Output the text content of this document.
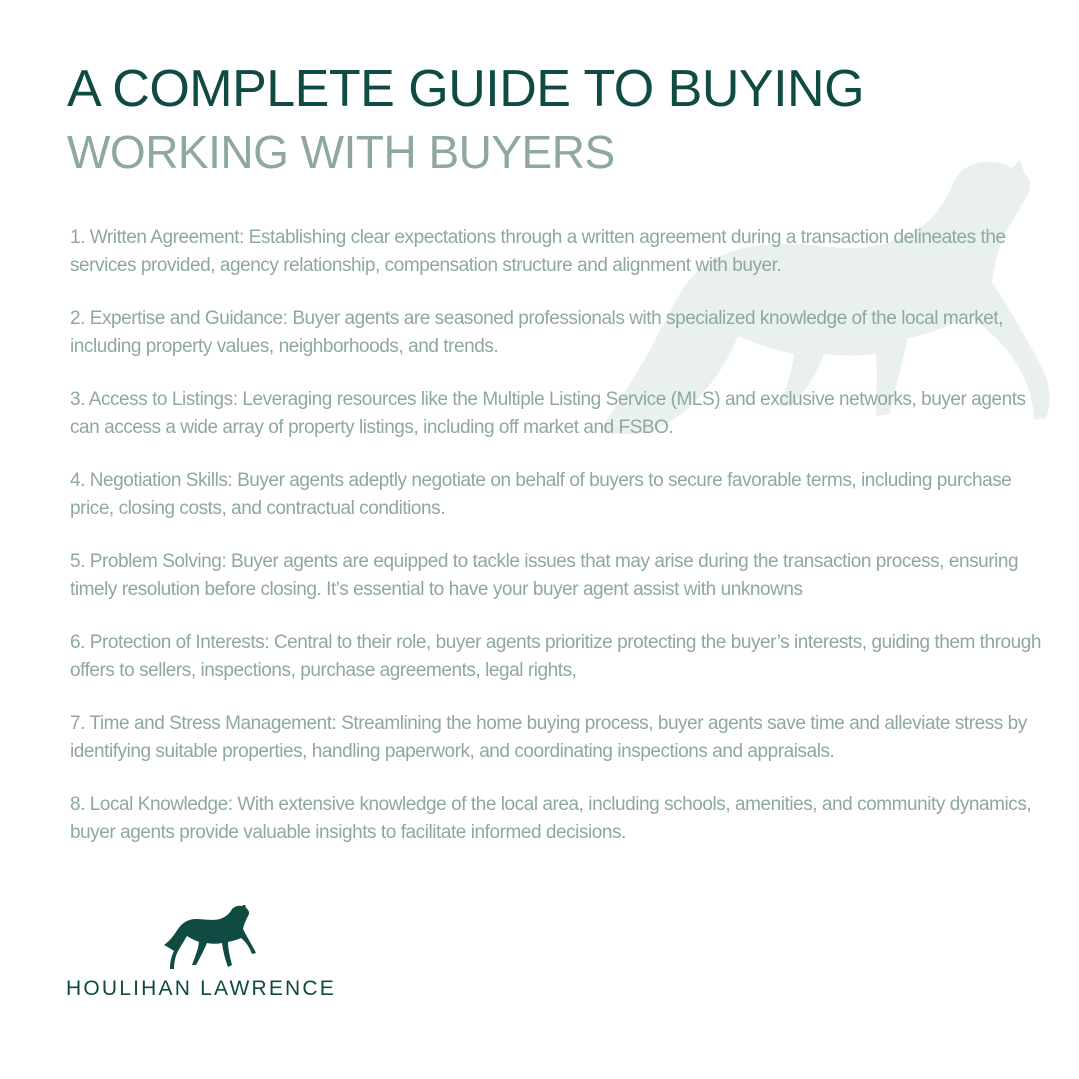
A COMPLETE GUIDE TO BUYING
WORKING WITH BUYERS
1. Written Agreement: Establishing clear expectations through a written agreement during a transaction delineates the services provided, agency relationship, compensation structure and alignment with buyer.
2. Expertise and Guidance: Buyer agents are seasoned professionals with specialized knowledge of the local market, including property values, neighborhoods, and trends.
3. Access to Listings: Leveraging resources like the Multiple Listing Service (MLS) and exclusive networks, buyer agents can access a wide array of property listings, including off market and FSBO.
4. Negotiation Skills: Buyer agents adeptly negotiate on behalf of buyers to secure favorable terms, including purchase price, closing costs, and contractual conditions.
5. Problem Solving: Buyer agents are equipped to tackle issues that may arise during the transaction process, ensuring timely resolution before closing. It’s essential to have your buyer agent assist with unknowns
6. Protection of Interests: Central to their role, buyer agents prioritize protecting the buyer’s interests, guiding them through offers to sellers, inspections, purchase agreements, legal rights,
7. Time and Stress Management: Streamlining the home buying process, buyer agents save time and alleviate stress by identifying suitable properties, handling paperwork, and coordinating inspections and appraisals.
8. Local Knowledge: With extensive knowledge of the local area, including schools, amenities, and community dynamics, buyer agents provide valuable insights to facilitate informed decisions.
HOULIHAN LAWRENCE
